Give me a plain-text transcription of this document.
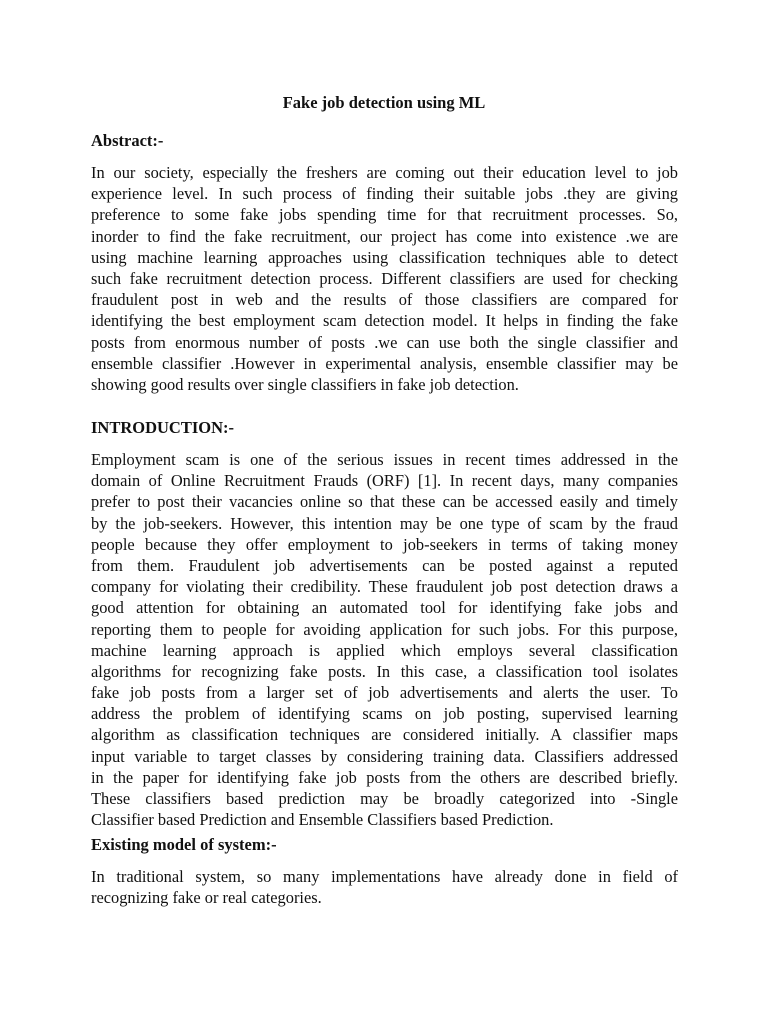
Fake job detection using ML
Abstract:-

In our society, especially the freshers are coming out their education level to job
experience level. In such process of finding their suitable jobs .they are giving
preference to some fake jobs spending time for that recruitment processes. So,
inorder to find the fake recruitment, our project has come into existence .we are
using machine learning approaches using classification techniques able to detect
such fake recruitment detection process. Different classifiers are used for checking
fraudulent post in web and the results of those classifiers are compared for
identifying the best employment scam detection model. It helps in finding the fake
posts from enormous number of posts .we can use both the single classifier and
ensemble classifier .However in experimental analysis, ensemble classifier may be
showing good results over single classifiers in fake job detection.

INTRODUCTION:-

Employment scam is one of the serious issues in recent times addressed in the
domain of Online Recruitment Frauds (ORF) [1]. In recent days, many companies
prefer to post their vacancies online so that these can be accessed easily and timely
by the job-seekers. However, this intention may be one type of scam by the fraud
people because they offer employment to job-seekers in terms of taking money
from them. Fraudulent job advertisements can be posted against a reputed
company for violating their credibility. These fraudulent job post detection draws a
good attention for obtaining an automated tool for identifying fake jobs and
reporting them to people for avoiding application for such jobs. For this purpose,
machine learning approach is applied which employs several classification
algorithms for recognizing fake posts. In this case, a classification tool isolates
fake job posts from a larger set of job advertisements and alerts the user. To
address the problem of identifying scams on job posting, supervised learning
algorithm as classification techniques are considered initially. A classifier maps
input variable to target classes by considering training data. Classifiers addressed
in the paper for identifying fake job posts from the others are described briefly.
These classifiers based prediction may be broadly categorized into -Single
Classifier based Prediction and Ensemble Classifiers based Prediction.

Existing model of system:-

In traditional system, so many implementations have already done in field of
recognizing fake or real categories.
